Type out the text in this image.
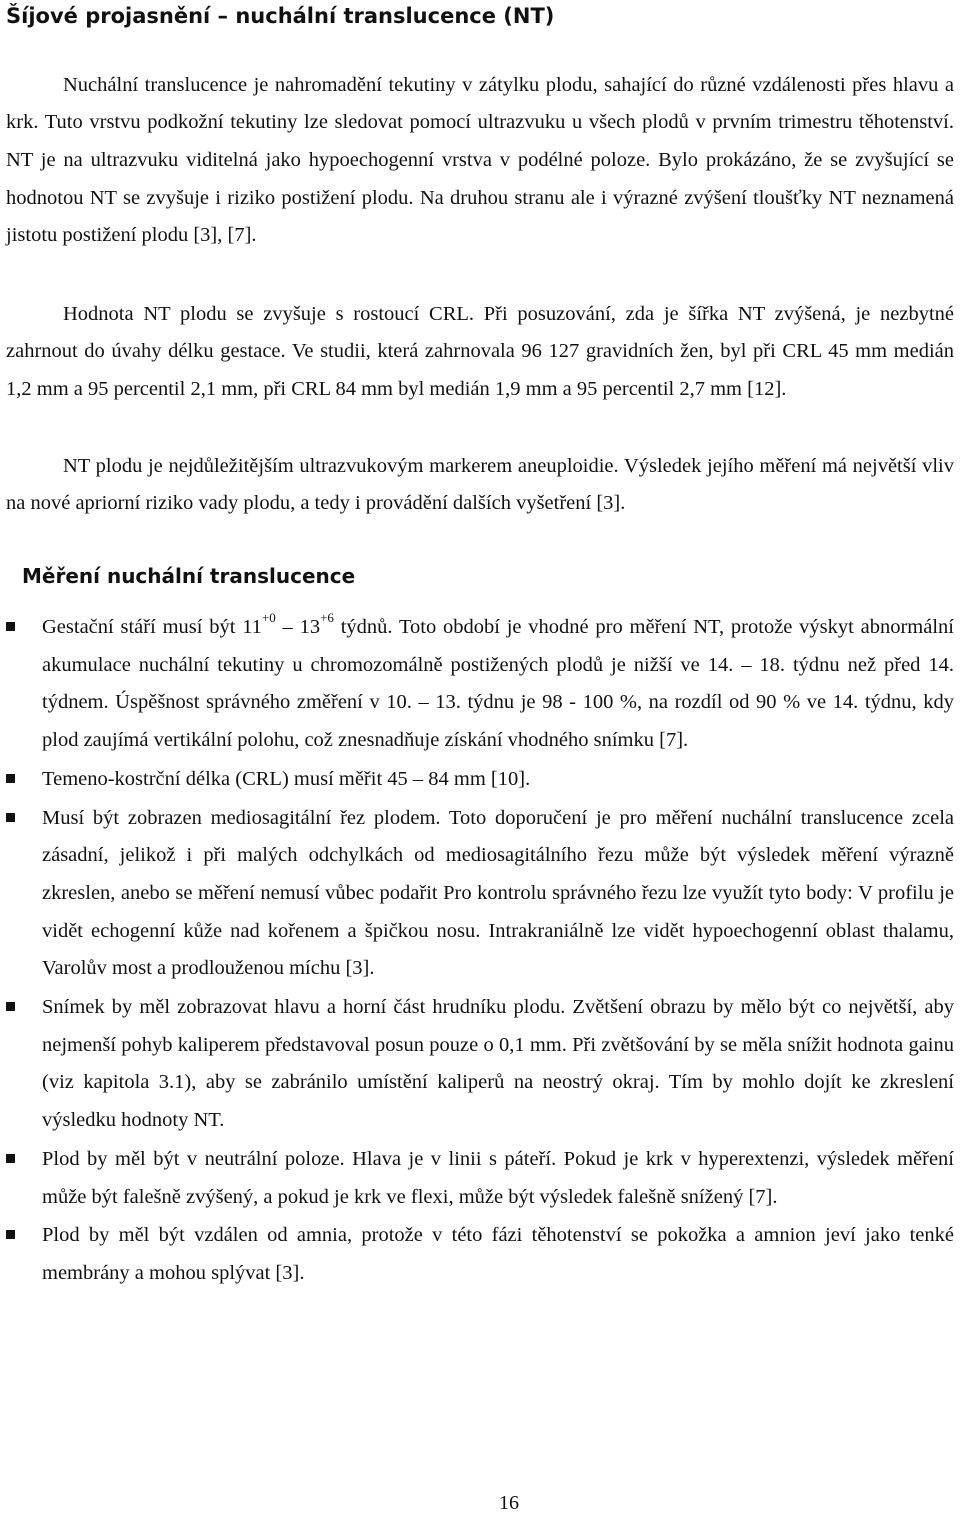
Šíjové projasnění – nuchální translucence (NT)

Nuchální translucence je nahromadění tekutiny v zátylku plodu, sahající do různé vzdálenosti přes hlavu a krk. Tuto vrstvu podkožní tekutiny lze sledovat pomocí ultrazvuku u všech plodů v prvním trimestru těhotenství. NT je na ultrazvuku viditelná jako hypoechogenní vrstva v podélné poloze. Bylo prokázáno, že se zvyšující se hodnotou NT se zvyšuje i riziko postižení plodu. Na druhou stranu ale i výrazné zvýšení tloušťky NT neznamená jistotu postižení plodu [3], [7].

Hodnota NT plodu se zvyšuje s rostoucí CRL. Při posuzování, zda je šířka NT zvýšená, je nezbytné zahrnout do úvahy délku gestace. Ve studii, která zahrnovala 96 127 gravidních žen, byl při CRL 45 mm medián 1,2 mm a 95 percentil 2,1 mm, při CRL 84 mm byl medián 1,9 mm a 95 percentil 2,7 mm [12].

NT plodu je nejdůležitějším ultrazvukovým markerem aneuploidie. Výsledek jejího měření má největší vliv na nové apriorní riziko vady plodu, a tedy i provádění dalších vyšetření [3].

Měření nuchální translucence
Gestační stáří musí být $11^{+0} - 13^{+6}$ týdnů. Toto období je vhodné pro měření NT, protože výskyt abnormální akumulace nuchální tekutiny u chromozomálně postižených plodů je nižší ve 14. – 18. týdnu než před 14. týdnem. Úspěšnost správného změření v 10. – 13. týdnu je 98 - 100 %, na rozdíl od 90 % ve 14. týdnu, kdy plod zaujímá vertikální polohu, což znesnadňuje získání vhodného snímku [7].
Temeno-kostrční délka (CRL) musí měřit 45 – 84 mm [10].
Musí být zobrazen mediosagitální řez plodem. Toto doporučení je pro měření nuchální translucence zcela zásadní, jelikož i při malých odchylkách od mediosagitálního řezu může být výsledek měření výrazně zkreslen, anebo se měření nemusí vůbec podařit Pro kontrolu správného řezu lze využít tyto body: V profilu je vidět echogenní kůže nad kořenem a špičkou nosu. Intrakraniálně lze vidět hypoechogenní oblast thalamu, Varolův most a prodlouženou míchu [3].
Snímek by měl zobrazovat hlavu a horní část hrudníku plodu. Zvětšení obrazu by mělo být co největší, aby nejmenší pohyb kaliperem představoval posun pouze o 0,1 mm. Při zvětšování by se měla snížit hodnota gainu (viz kapitola 3.1), aby se zabránilo umístění kaliperů na neostrý okraj. Tím by mohlo dojít ke zkreslení výsledku hodnoty NT.
Plod by měl být v neutrální poloze. Hlava je v linii s páteří. Pokud je krk v hyperextenzi, výsledek měření může být falešně zvýšený, a pokud je krk ve flexi, může být výsledek falešně snížený [7].
Plod by měl být vzdálen od amnia, protože v této fázi těhotenství se pokožka a amnion jeví jako tenké membrány a mohou splývat [3].
16
